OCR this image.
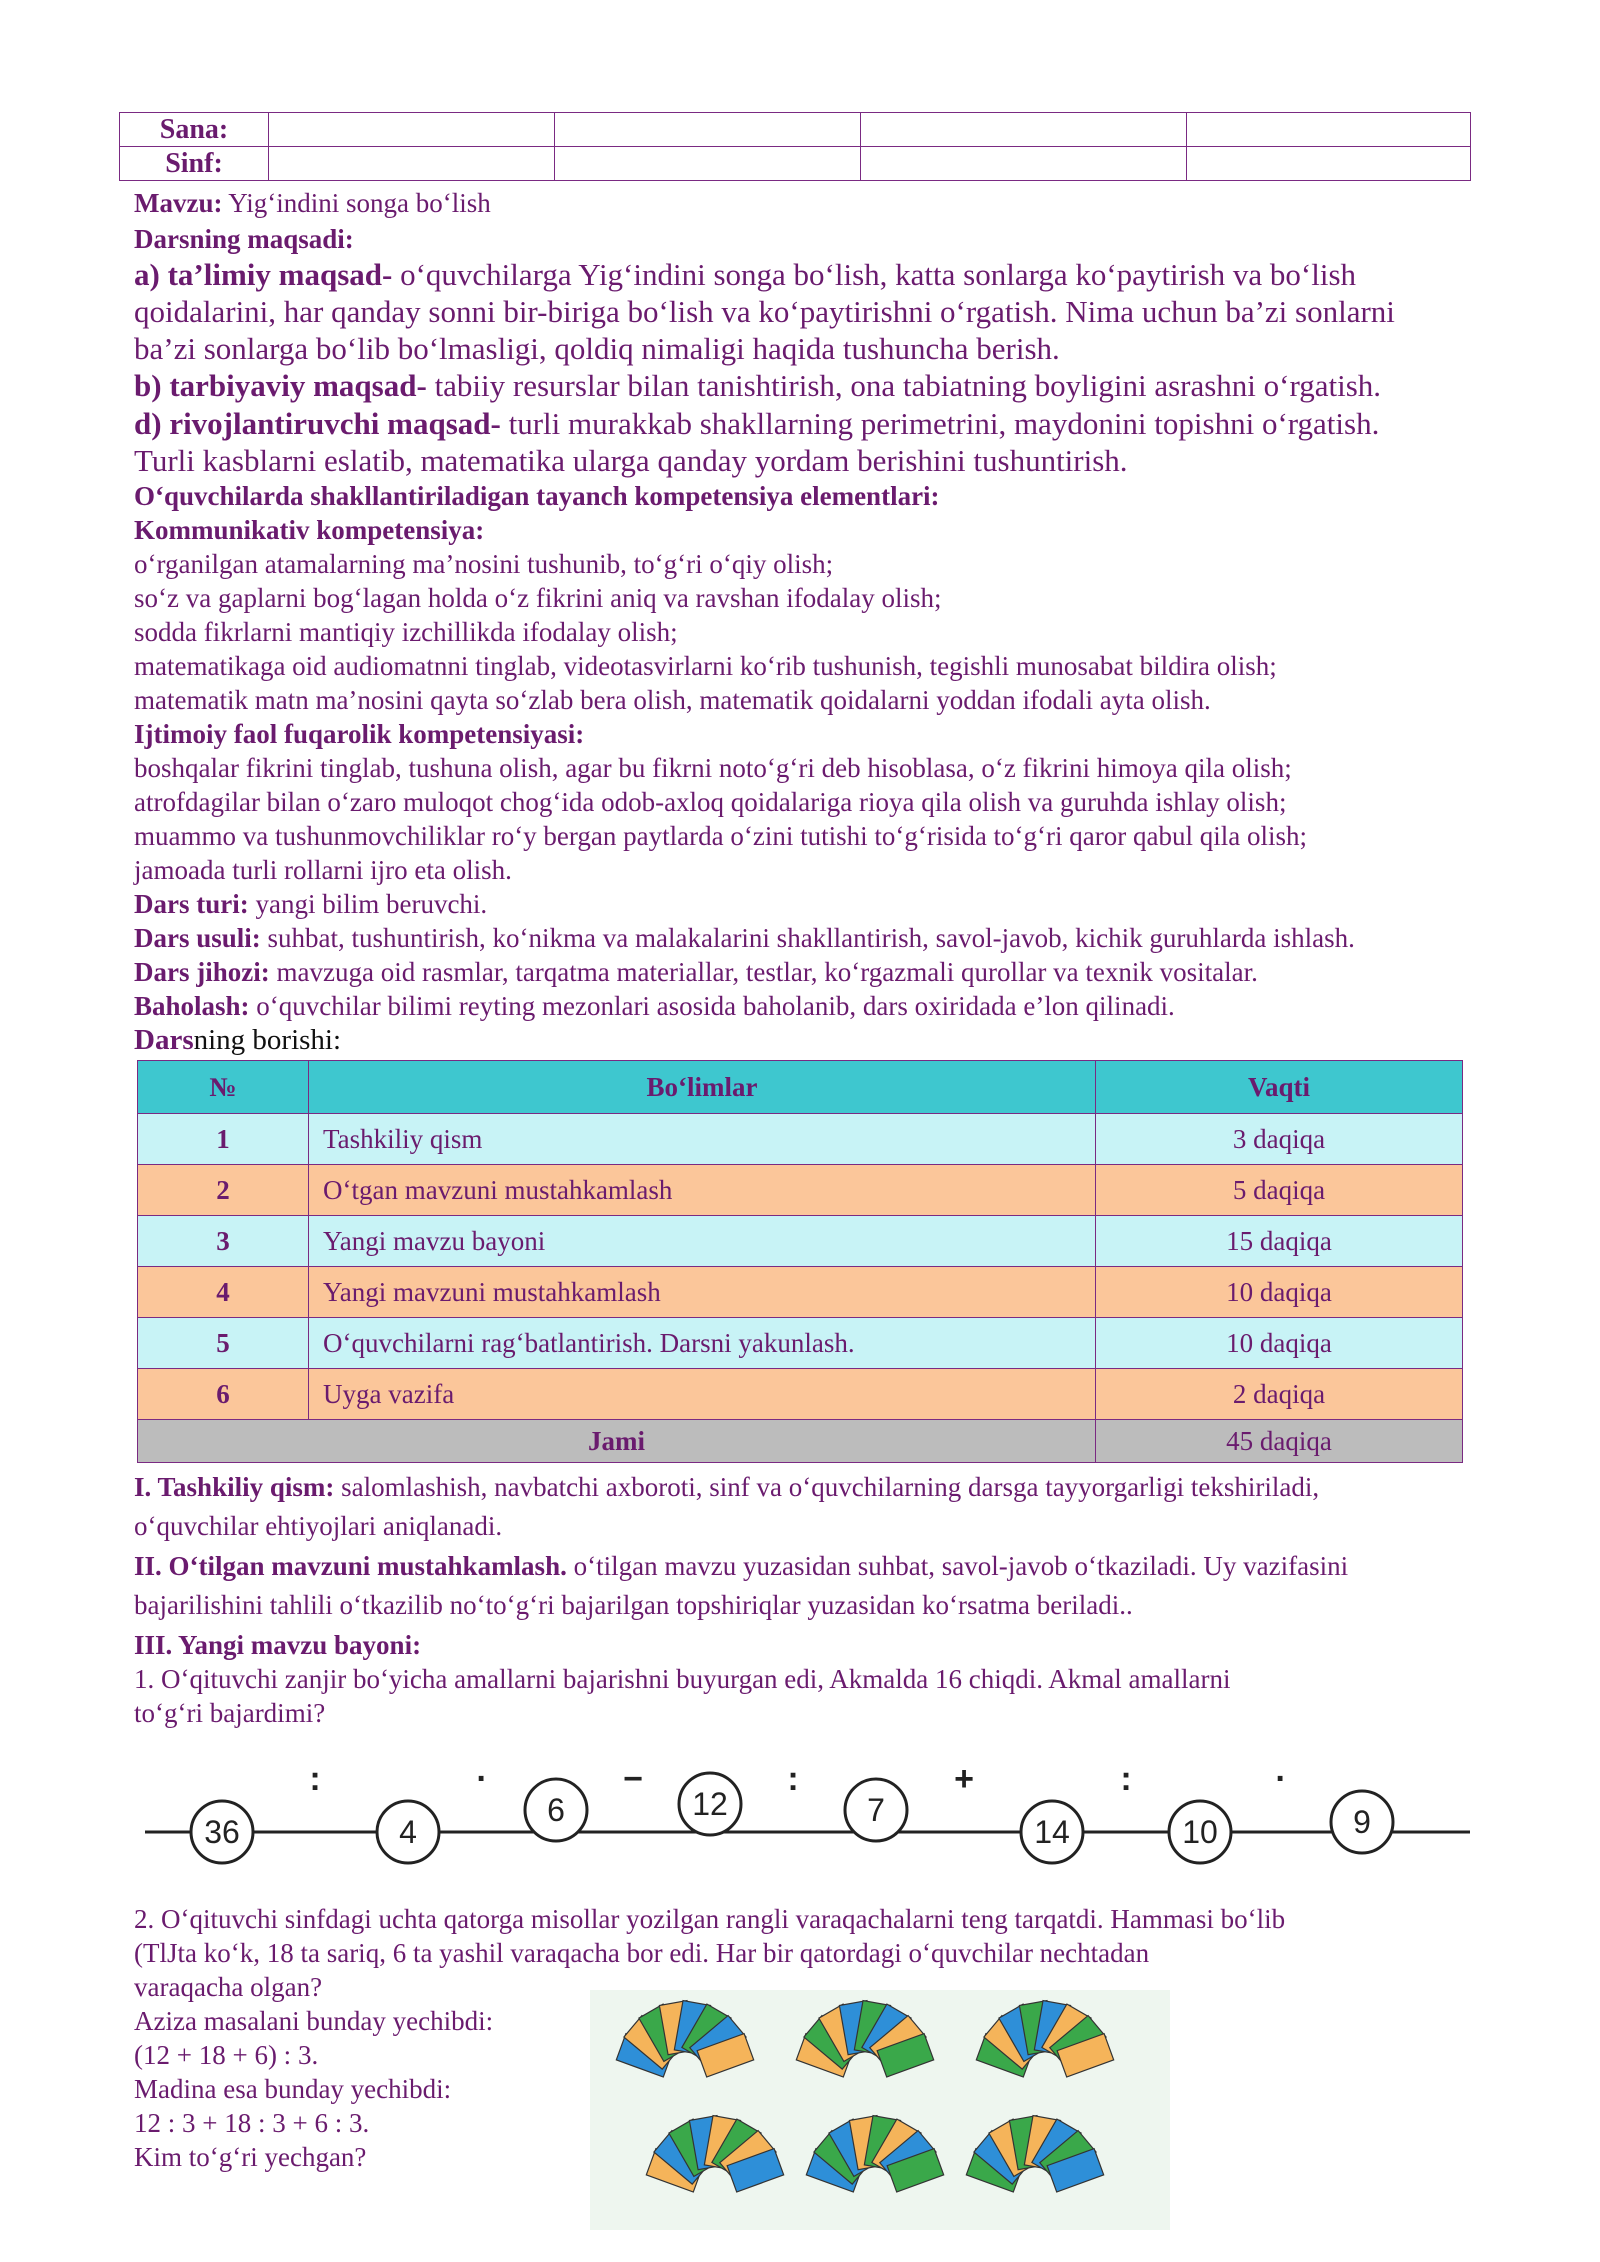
Sana:				
Sinf:				
Mavzu: Yig‘indini songa bo‘lish
Darsning maqsadi:
a) ta’limiy maqsad- o‘quvchilarga Yig‘indini songa bo‘lish, katta sonlarga ko‘paytirish va bo‘lish
qoidalarini, har qanday sonni bir-biriga bo‘lish va ko‘paytirishni o‘rgatish. Nima uchun ba’zi sonlarni
ba’zi sonlarga bo‘lib bo‘lmasligi, qoldiq nimaligi haqida tushuncha berish.
b) tarbiyaviy maqsad- tabiiy resurslar bilan tanishtirish, ona tabiatning boyligini asrashni o‘rgatish.
d) rivojlantiruvchi maqsad- turli murakkab shakllarning perimetrini, maydonini topishni o‘rgatish.
Turli kasblarni eslatib, matematika ularga qanday yordam berishini tushuntirish.
O‘quvchilarda shakllantiriladigan tayanch kompetensiya elementlari:
Kommunikativ kompetensiya:
o‘rganilgan atamalarning ma’nosini tushunib, to‘g‘ri o‘qiy olish;
so‘z va gaplarni bog‘lagan holda o‘z fikrini aniq va ravshan ifodalay olish;
sodda fikrlarni mantiqiy izchillikda ifodalay olish;
matematikaga oid audiomatnni tinglab, videotasvirlarni ko‘rib tushunish, tegishli munosabat bildira olish;
matematik matn ma’nosini qayta so‘zlab bera olish, matematik qoidalarni yoddan ifodali ayta olish.
Ijtimoiy faol fuqarolik kompetensiyasi:
boshqalar fikrini tinglab, tushuna olish, agar bu fikrni noto‘g‘ri deb hisoblasa, o‘z fikrini himoya qila olish;
atrofdagilar bilan o‘zaro muloqot chog‘ida odob-axloq qoidalariga rioya qila olish va guruhda ishlay olish;
muammo va tushunmovchiliklar ro‘y bergan paytlarda o‘zini tutishi to‘g‘risida to‘g‘ri qaror qabul qila olish;
jamoada turli rollarni ijro eta olish.
Dars turi: yangi bilim beruvchi.
Dars usuli: suhbat, tushuntirish, ko‘nikma va malakalarini shakllantirish, savol-javob, kichik guruhlarda ishlash.
Dars jihozi: mavzuga oid rasmlar, tarqatma materiallar, testlar, ko‘rgazmali qurollar va texnik vositalar.
Baholash: o‘quvchilar bilimi reyting mezonlari asosida baholanib, dars oxiridada e’lon qilinadi.
Darsning borishi:
№	Bo‘limlar	Vaqti
1	Tashkiliy qism	3 daqiqa
2	O‘tgan mavzuni mustahkamlash	5 daqiqa
3	Yangi mavzu bayoni	15 daqiqa
4	Yangi mavzuni mustahkamlash	10 daqiqa
5	O‘quvchilarni rag‘batlantirish. Darsni yakunlash.	10 daqiqa
6	Uyga vazifa	2 daqiqa
Jami		45 daqiqa
I. Tashkiliy qism: salomlashish, navbatchi axboroti, sinf va o‘quvchilarning darsga tayyorgarligi tekshiriladi,
o‘quvchilar ehtiyojlari aniqlanadi.
II. O‘tilgan mavzuni mustahkamlash. o‘tilgan mavzu yuzasidan suhbat, savol-javob o‘tkaziladi. Uy vazifasini
bajarilishini tahlili o‘tkazilib no‘to‘g‘ri bajarilgan topshiriqlar yuzasidan ko‘rsatma beriladi..
III. Yangi mavzu bayoni:
1. O‘qituvchi zanjir bo‘yicha amallarni bajarishni buyurgan edi, Akmalda 16 chiqdi. Akmal amallarni
to‘g‘ri bajardimi?
36	4
6	12	7
14	10	9
:	·	−	:	+	:	·
2. O‘qituvchi sinfdagi uchta qatorga misollar yozilgan rangli varaqachalarni teng tarqatdi. Hammasi bo‘lib
(TlJta ko‘k, 18 ta sariq, 6 ta yashil varaqacha bor edi. Har bir qatordagi o‘quvchilar nechtadan
varaqacha olgan?
Aziza masalani bunday yechibdi:
(12 + 18 + 6) : 3.
Madina esa bunday yechibdi:
12 : 3 + 18 : 3 + 6 : 3.
Kim to‘g‘ri yechgan?
